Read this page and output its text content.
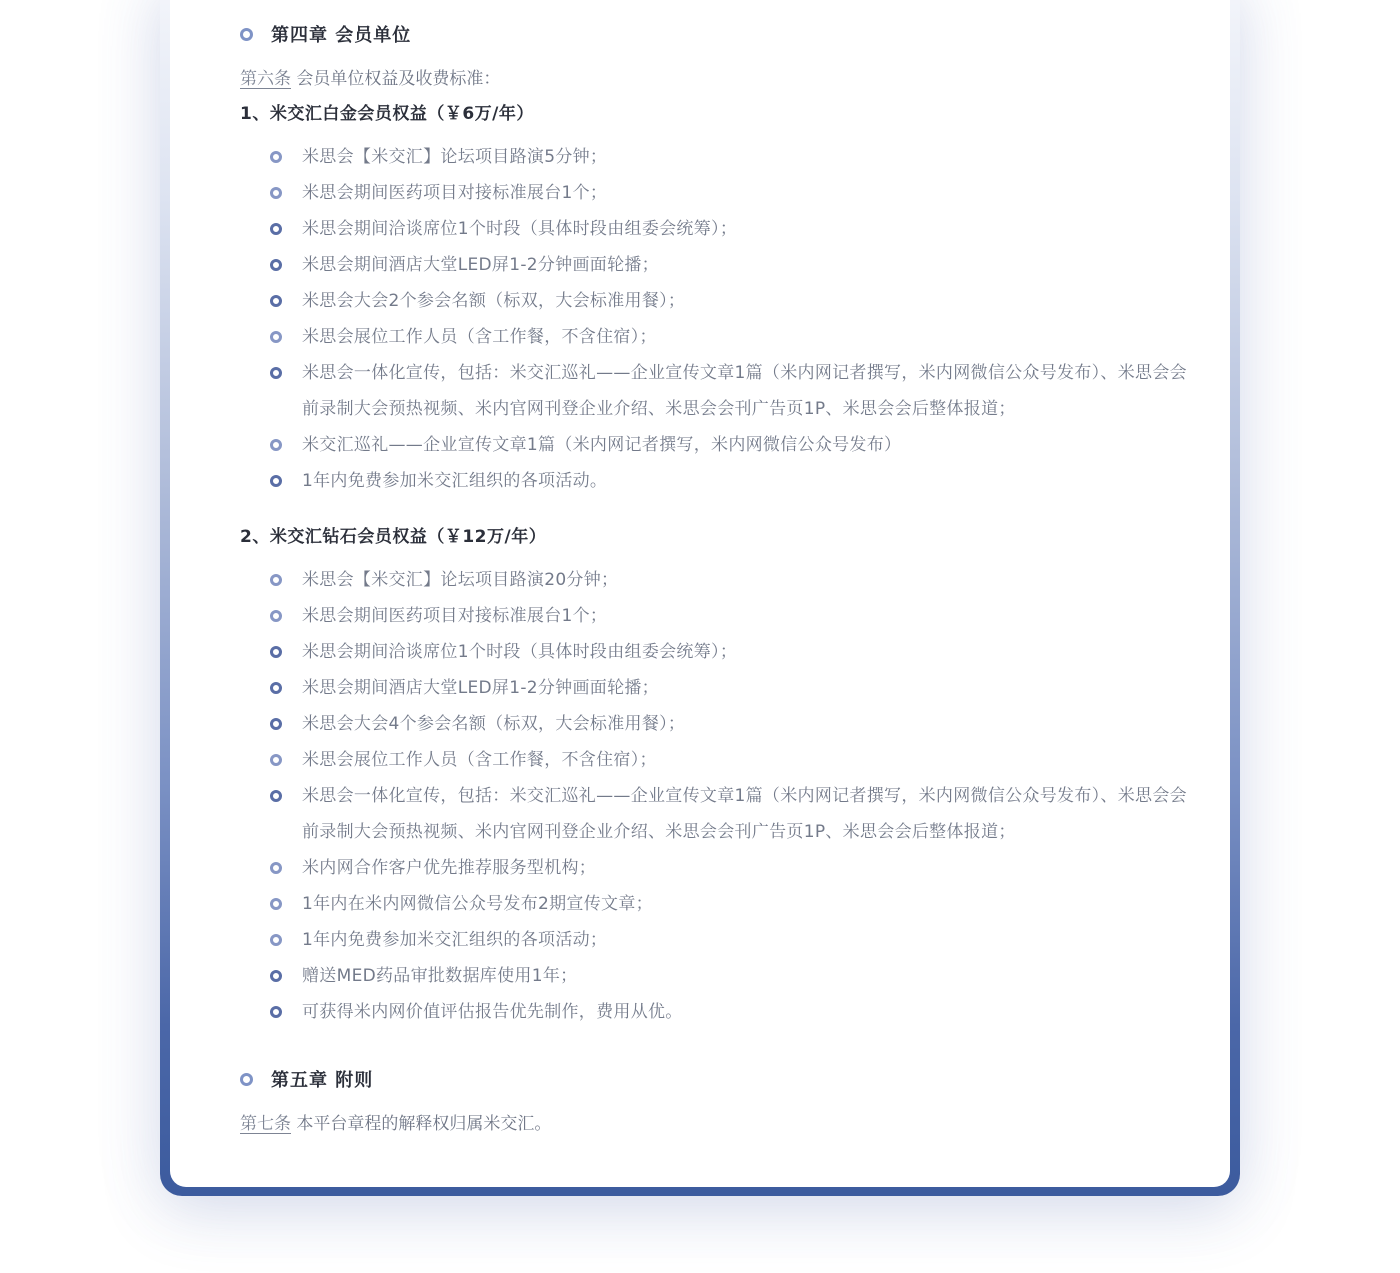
第四章 会员单位
第六条 会员单位权益及收费标准：
1、米交汇白金会员权益（￥6万/年）
米思会【米交汇】论坛项目路演5分钟；
米思会期间医药项目对接标准展台1个；
米思会期间洽谈席位1个时段（具体时段由组委会统筹）；
米思会期间酒店大堂LED屏1-2分钟画面轮播；
米思会大会2个参会名额（标双，大会标准用餐）；
米思会展位工作人员（含工作餐，不含住宿）；
米思会一体化宣传，包括：米交汇巡礼——企业宣传文章1篇（米内网记者撰写，米内网微信公众号发布）、米思会会前录制大会预热视频、米内官网刊登企业介绍、米思会会刊广告页1P、米思会会后整体报道；
米交汇巡礼——企业宣传文章1篇（米内网记者撰写，米内网微信公众号发布）
1年内免费参加米交汇组织的各项活动。
2、米交汇钻石会员权益（￥12万/年）
米思会【米交汇】论坛项目路演20分钟；
米思会期间医药项目对接标准展台1个；
米思会期间洽谈席位1个时段（具体时段由组委会统筹）；
米思会期间酒店大堂LED屏1-2分钟画面轮播；
米思会大会4个参会名额（标双，大会标准用餐）；
米思会展位工作人员（含工作餐，不含住宿）；
米思会一体化宣传，包括：米交汇巡礼——企业宣传文章1篇（米内网记者撰写，米内网微信公众号发布）、米思会会前录制大会预热视频、米内官网刊登企业介绍、米思会会刊广告页1P、米思会会后整体报道；
米内网合作客户优先推荐服务型机构；
1年内在米内网微信公众号发布2期宣传文章；
1年内免费参加米交汇组织的各项活动；
赠送MED药品审批数据库使用1年；
可获得米内网价值评估报告优先制作，费用从优。
第五章 附则
第七条 本平台章程的解释权归属米交汇。
